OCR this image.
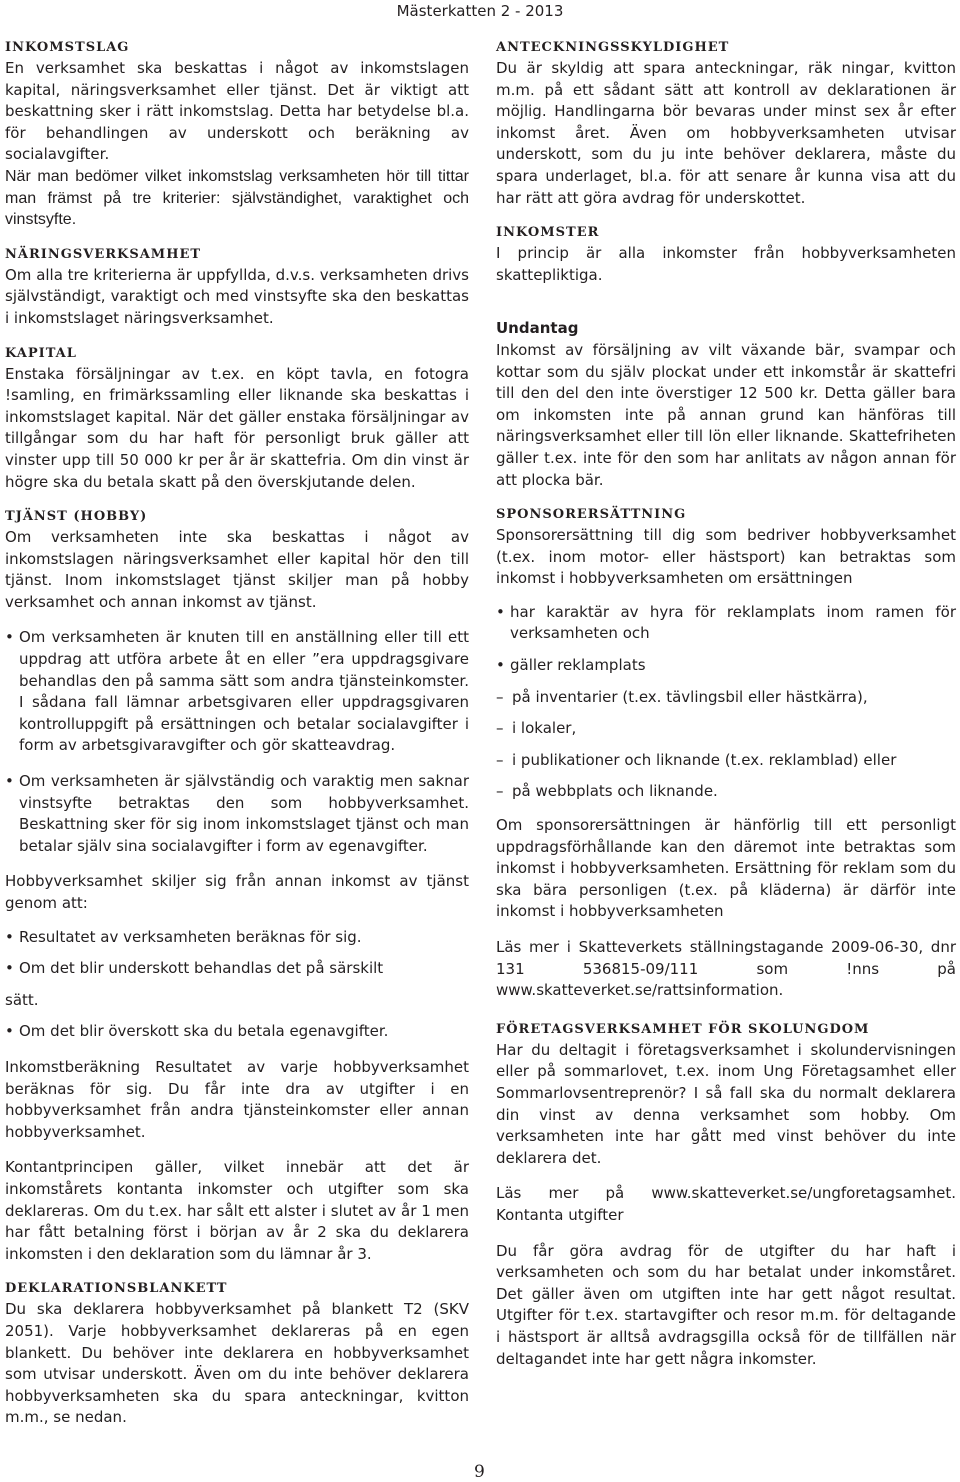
Mästerkatten 2 - 2013
INKOMSTSLAG

En verksamhet ska beskattas i något av inkomstslagen kapital, näringsverksamhet eller tjänst. Det är viktigt att beskattning sker i rätt inkomstslag. Detta har betydelse bl.a. för behandlingen av underskott och beräkning av socialavgifter.

När man bedömer vilket inkomstslag verksamheten hör till tittar man främst på tre kriterier: självständighet, varaktighet och vinstsyfte.

NÄRINGSVERKSAMHET

Om alla tre kriterierna är uppfyllda, d.v.s. verksamheten drivs självständigt, varaktigt och med vinstsyfte ska den beskattas i inkomstslaget näringsverksamhet.

KAPITAL

Enstaka försäljningar av t.ex. en köpt tavla, en fotogra !samling, en frimärkssamling eller liknande ska beskattas i inkomstslaget kapital. När det gäller enstaka försäljningar av tillgångar som du har haft för personligt bruk gäller att vinster upp till 50 000 kr per år är skattefria. Om din vinst är högre ska du betala skatt på den överskjutande delen.

TJÄNST (HOBBY)

Om verksamheten inte ska beskattas i något av inkomstslagen näringsverksamhet eller kapital hör den till tjänst. Inom inkomstslaget tjänst skiljer man på hobby verksamhet och annan inkomst av tjänst.

• Om verksamheten är knuten till en anställning eller till ett uppdrag att utföra arbete åt en eller ”era uppdragsgivare behandlas den på samma sätt som andra tjänsteinkomster. I sådana fall lämnar arbetsgivaren eller uppdragsgivaren kontrolluppgift på ersättningen och betalar socialavgifter i form av arbetsgivaravgifter och gör skatteavdrag.

• Om verksamheten är självständig och varaktig men saknar vinstsyfte betraktas den som hobbyverksamhet. Beskattning sker för sig inom inkomstslaget tjänst och man betalar själv sina socialavgifter i form av egenavgifter.

Hobbyverksamhet skiljer sig från annan inkomst av tjänst genom att:

• Resultatet av verksamheten beräknas för sig.

• Om det blir underskott behandlas det på särskilt

sätt.

• Om det blir överskott ska du betala egenavgifter.

Inkomstberäkning Resultatet av varje hobbyverksamhet beräknas för sig. Du får inte dra av utgifter i en hobbyverksamhet från andra tjänsteinkomster eller annan hobbyverksamhet.

Kontantprincipen gäller, vilket innebär att det är inkomstårets kontanta inkomster och utgifter som ska deklareras. Om du t.ex. har sålt ett alster i slutet av år 1 men har fått betalning först i början av år 2 ska du deklarera inkomsten i den deklaration som du lämnar år 3.

DEKLARATIONSBLANKETT

Du ska deklarera hobbyverksamhet på blankett T2 (SKV 2051). Varje hobbyverksamhet deklareras på en egen blankett. Du behöver inte deklarera en hobbyverksamhet som utvisar underskott. Även om du inte behöver deklarera hobbyverksamheten ska du spara anteckningar, kvitton m.m., se nedan.

ANTECKNINGSSKYLDIGHET

Du är skyldig att spara anteckningar, räk ningar, kvitton m.m. på ett sådant sätt att kontroll av deklarationen är möjlig. Handlingarna bör bevaras under minst sex år efter inkomst året. Även om hobbyverksamheten utvisar underskott, som du ju inte behöver deklarera, måste du spara underlaget, bl.a. för att senare år kunna visa att du har rätt att göra avdrag för underskottet.

INKOMSTER

I princip är alla inkomster från hobbyverksamheten skattepliktiga.

Undantag

Inkomst av försäljning av vilt växande bär, svampar och kottar som du själv plockat under ett inkomstår är skattefri till den del den inte överstiger 12 500 kr. Detta gäller bara om inkomsten inte på annan grund kan hänföras till näringsverksamhet eller till lön eller liknande. Skattefriheten gäller t.ex. inte för den som har anlitats av någon annan för att plocka bär.

SPONSORERSÄTTNING

Sponsorersättning till dig som bedriver hobbyverksamhet (t.ex. inom motor- eller hästsport) kan betraktas som inkomst i hobbyverksamheten om ersättningen

• har karaktär av hyra för reklamplats inom ramen för verksamheten och

• gäller reklamplats

– på inventarier (t.ex. tävlingsbil eller hästkärra),

– i lokaler,

– i publikationer och liknande (t.ex. reklamblad) eller

– på webbplats och liknande.

Om sponsorersättningen är hänförlig till ett personligt uppdragsförhållande kan den däremot inte betraktas som inkomst i hobbyverksamheten. Ersättning för reklam som du ska bära personligen (t.ex. på kläderna) är därför inte inkomst i hobbyverksamheten

Läs mer i Skatteverkets ställningstagande 2009-06-30, dnr 131 536815-09/111 som !nns på www.skatteverket.se/rattsinformation.

FÖRETAGSVERKSAMHET FÖR SKOLUNGDOM

Har du deltagit i företagsverksamhet i skolundervisningen eller på sommarlovet, t.ex. inom Ung Företagsamhet eller Sommarlovsentreprenör? I så fall ska du normalt deklarera din vinst av denna verksamhet som hobby. Om verksamheten inte har gått med vinst behöver du inte deklarera det.

Läs mer på www.skatteverket.se/ungforetagsamhet. Kontanta utgifter

Du får göra avdrag för de utgifter du har haft i verksamheten och som du har betalat under inkomståret. Det gäller även om utgiften inte har gett något resultat. Utgifter för t.ex. startavgifter och resor m.m. för deltagande i hästsport är alltså avdragsgilla också för de tillfällen när deltagandet inte har gett några inkomster.

9
